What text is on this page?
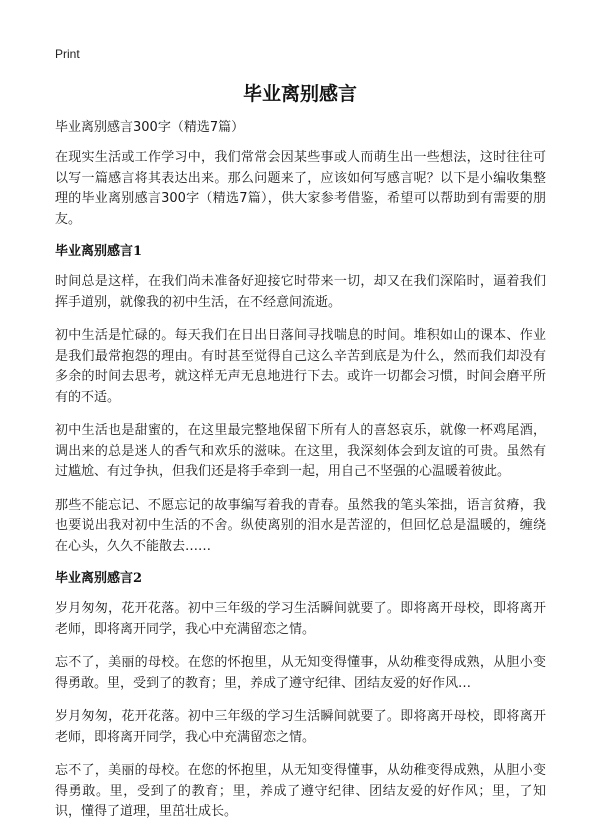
Print
毕业离别感言

毕业离别感言300字（精选7篇）

在现实生活或工作学习中，我们常常会因某些事或人而萌生出一些想法，这时往往可以写一篇感言将其表达出来。那么问题来了，应该如何写感言呢？以下是小编收集整理的毕业离别感言300字（精选7篇），供大家参考借鉴，希望可以帮助到有需要的朋友。

毕业离别感言1

时间总是这样，在我们尚未准备好迎接它时带来一切，却又在我们深陷时，逼着我们挥手道别，就像我的初中生活，在不经意间流逝。

初中生活是忙碌的。每天我们在日出日落间寻找喘息的时间。堆积如山的课本、作业是我们最常抱怨的理由。有时甚至觉得自己这么辛苦到底是为什么，然而我们却没有多余的时间去思考，就这样无声无息地进行下去。或许一切都会习惯，时间会磨平所有的不适。

初中生活也是甜蜜的，在这里最完整地保留下所有人的喜怒哀乐，就像一杯鸡尾酒，调出来的总是迷人的香气和欢乐的滋味。在这里，我深刻体会到友谊的可贵。虽然有过尴尬、有过争执，但我们还是将手牵到一起，用自己不坚强的心温暖着彼此。

那些不能忘记、不愿忘记的故事编写着我的青春。虽然我的笔头笨拙，语言贫瘠，我也要说出我对初中生活的不舍。纵使离别的泪水是苦涩的，但回忆总是温暖的，缠绕在心头，久久不能散去……

毕业离别感言2

岁月匆匆，花开花落。初中三年级的学习生活瞬间就要了。即将离开母校，即将离开老师，即将离开同学，我心中充满留恋之情。

忘不了，美丽的母校。在您的怀抱里，从无知变得懂事，从幼稚变得成熟，从胆小变得勇敢。里，受到了的教育；里，养成了遵守纪律、团结友爱的好作风…

岁月匆匆，花开花落。初中三年级的学习生活瞬间就要了。即将离开母校，即将离开老师，即将离开同学，我心中充满留恋之情。

忘不了，美丽的母校。在您的怀抱里，从无知变得懂事，从幼稚变得成熟，从胆小变得勇敢。里，受到了的教育；里，养成了遵守纪律、团结友爱的好作风；里，了知识，懂得了道理，里茁壮成长。
